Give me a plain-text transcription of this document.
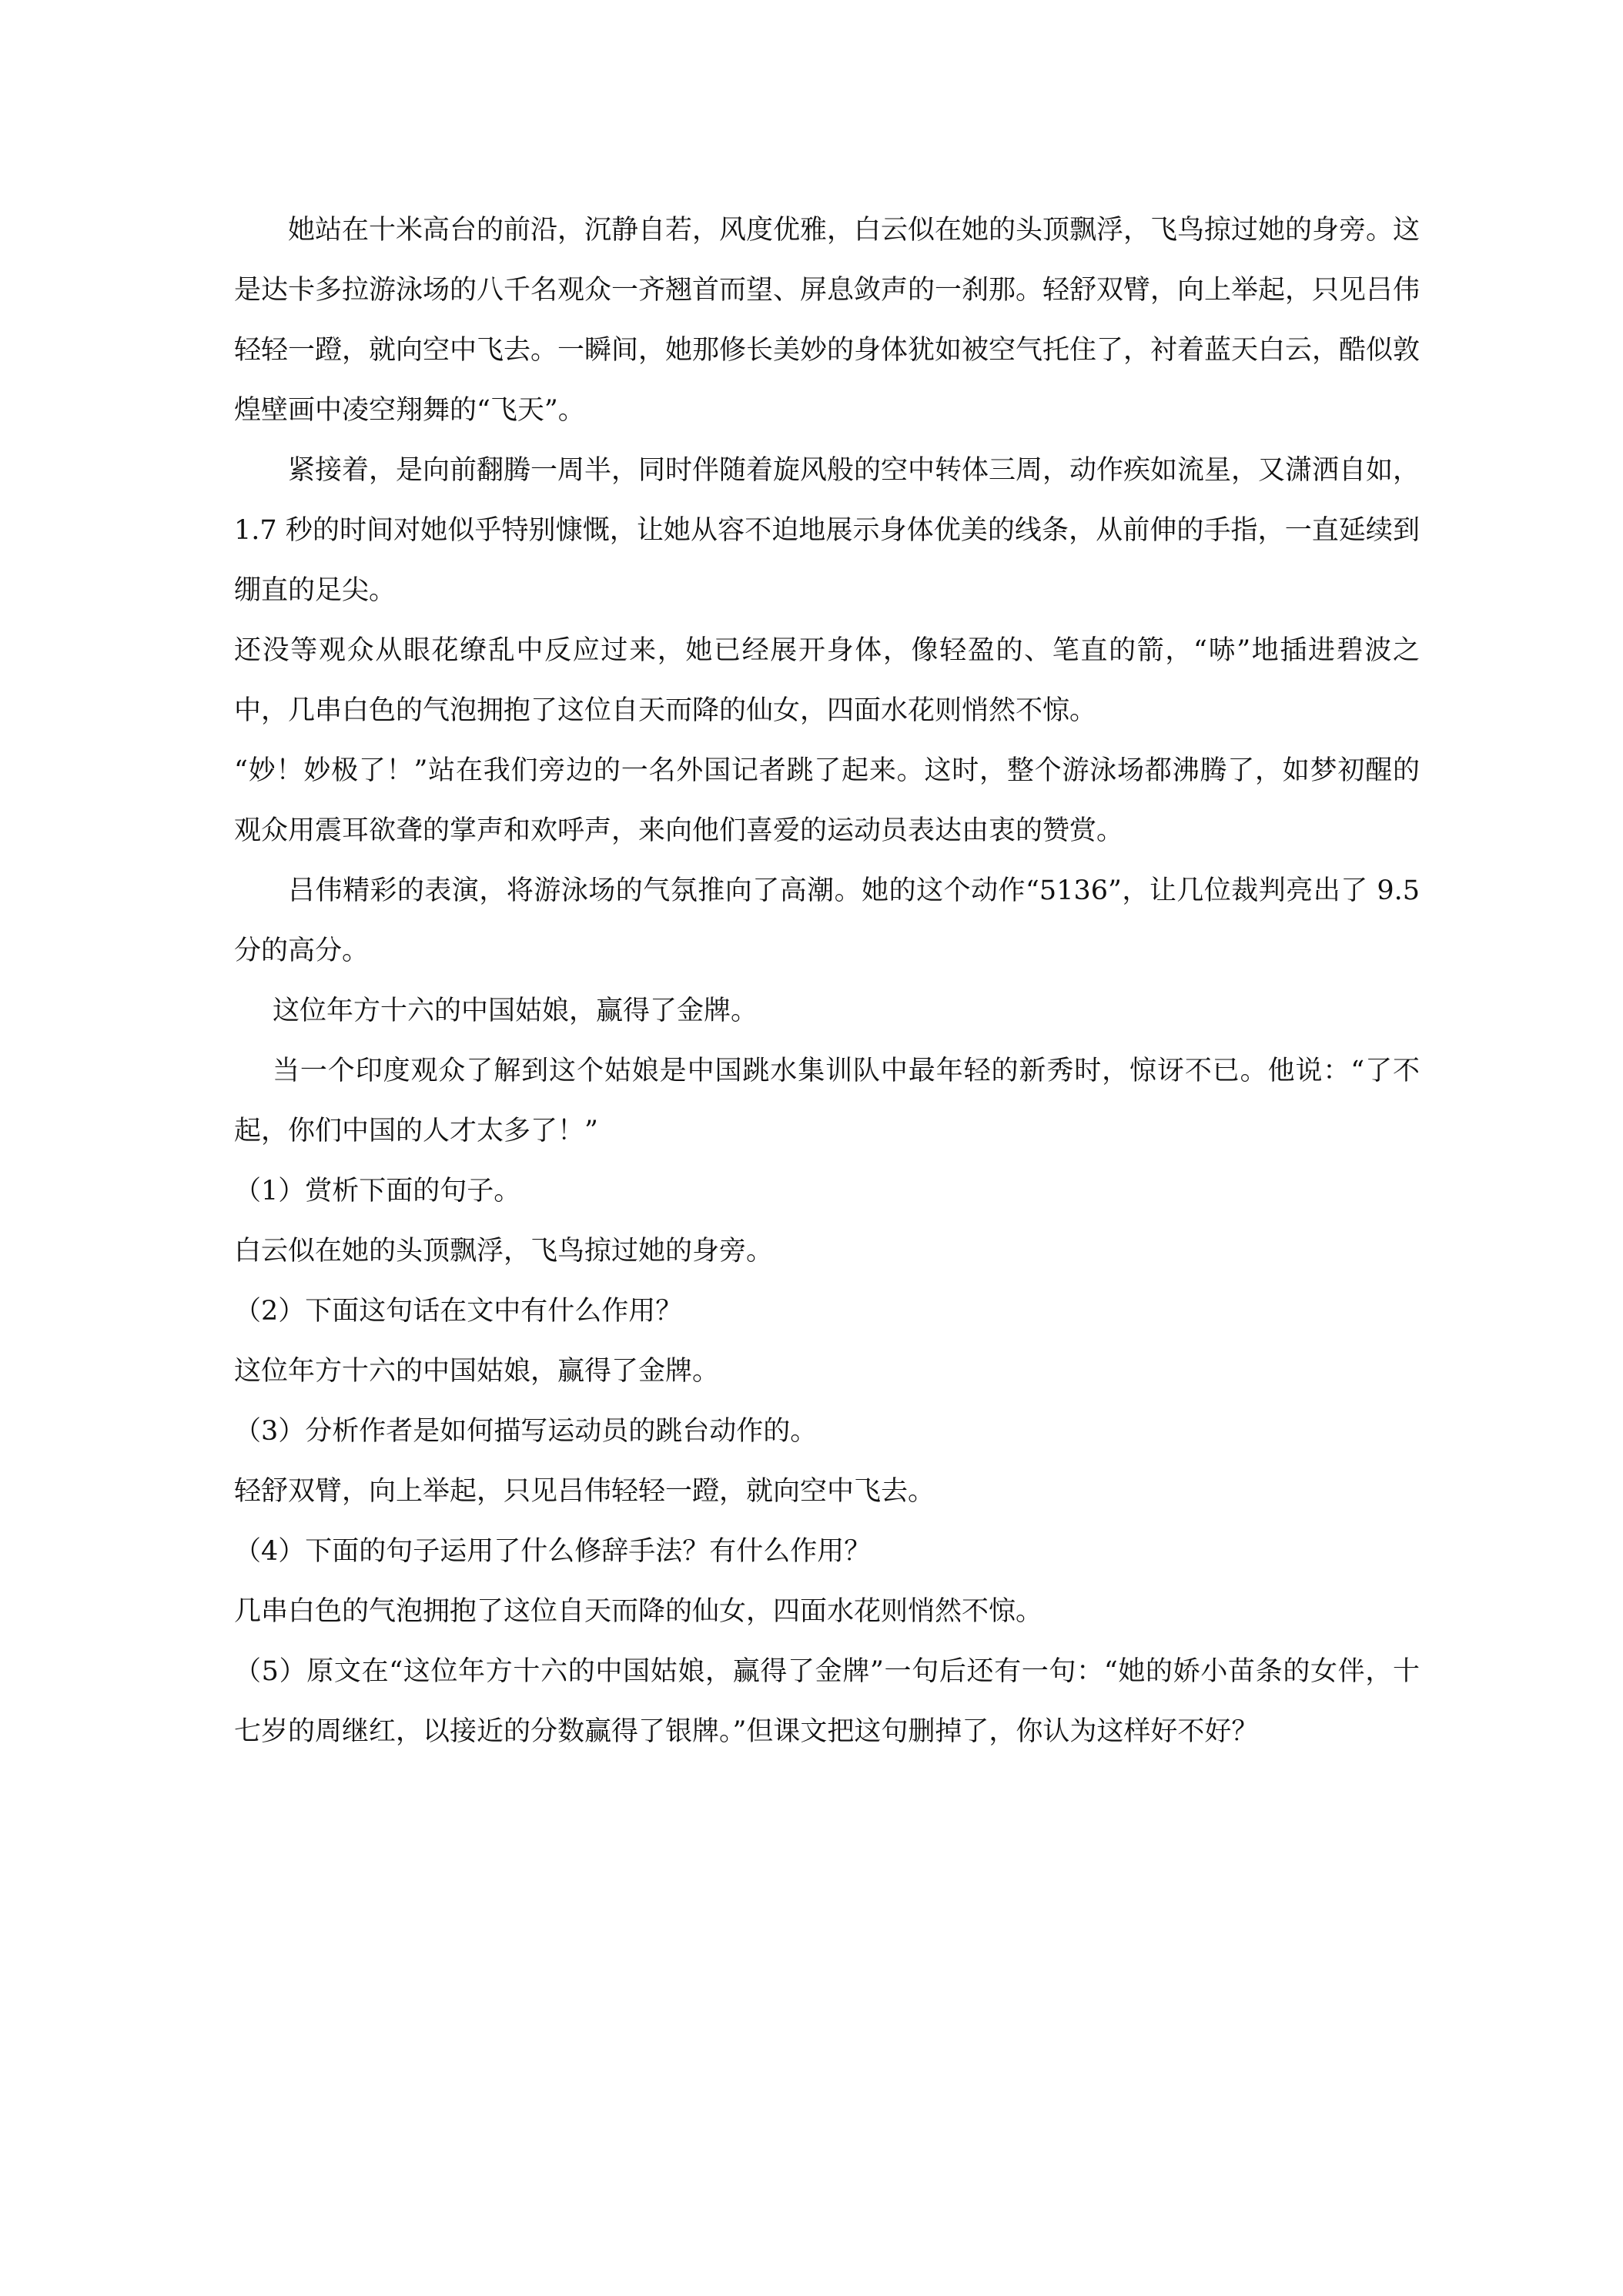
她站在十米高台的前沿，沉静自若，风度优雅，白云似在她的头顶飘浮，飞鸟掠过她的身旁。这是达卡多拉游泳场的八千名观众一齐翘首而望、屏息敛声的一刹那。轻舒双臂，向上举起，只见吕伟轻轻一蹬，就向空中飞去。一瞬间，她那修长美妙的身体犹如被空气托住了，衬着蓝天白云，酷似敦煌壁画中凌空翔舞的“飞天”。

紧接着，是向前翻腾一周半，同时伴随着旋风般的空中转体三周，动作疾如流星，又潇洒自如，1.7 秒的时间对她似乎特别慷慨，让她从容不迫地展示身体优美的线条，从前伸的手指，一直延续到绷直的足尖。

还没等观众从眼花缭乱中反应过来，她已经展开身体，像轻盈的、笔直的箭，“哧”地插进碧波之中，几串白色的气泡拥抱了这位自天而降的仙女，四面水花则悄然不惊。

“妙！妙极了！”站在我们旁边的一名外国记者跳了起来。这时，整个游泳场都沸腾了，如梦初醒的观众用震耳欲聋的掌声和欢呼声，来向他们喜爱的运动员表达由衷的赞赏。

吕伟精彩的表演，将游泳场的气氛推向了高潮。她的这个动作“5136”，让几位裁判亮出了 9.5 分的高分。

这位年方十六的中国姑娘，赢得了金牌。

当一个印度观众了解到这个姑娘是中国跳水集训队中最年轻的新秀时，惊讶不已。他说：“了不起，你们中国的人才太多了！”

（1）赏析下面的句子。

白云似在她的头顶飘浮，飞鸟掠过她的身旁。

（2）下面这句话在文中有什么作用？

这位年方十六的中国姑娘，赢得了金牌。

（3）分析作者是如何描写运动员的跳台动作的。

轻舒双臂，向上举起，只见吕伟轻轻一蹬，就向空中飞去。

（4）下面的句子运用了什么修辞手法？有什么作用？

几串白色的气泡拥抱了这位自天而降的仙女，四面水花则悄然不惊。

（5）原文在“这位年方十六的中国姑娘，赢得了金牌”一句后还有一句：“她的娇小苗条的女伴，十七岁的周继红，以接近的分数赢得了银牌。”但课文把这句删掉了，你认为这样好不好？
